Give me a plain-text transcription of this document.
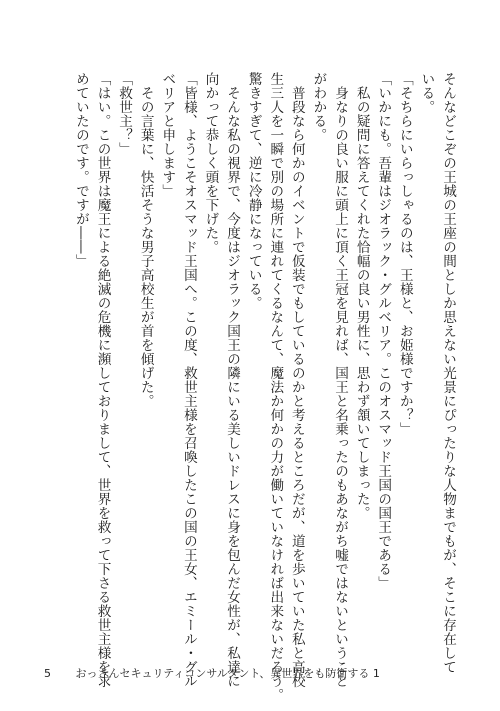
そんなどこぞの王城の王座の間としか思えない光景にぴったりな人物までもが、そこに存在して
いる。
「そちらにいらっしゃるのは、王様と、お姫様ですか？」
「いかにも。吾輩はジオラック・グルベリア。このオスマッド王国の国王である」
　私の疑問に答えてくれた恰幅の良い男性に、思わず頷いてしまった。
　身なりの良い服に頭上に頂く王冠を見れば、国王と名乗ったのもあながち嘘ではないということ
がわかる。
　普段なら何かのイベントで仮装でもしているのかと考えるところだが、道を歩いていた私と高校
生三人を一瞬で別の場所に連れてくるなんて、魔法か何かの力が働いていなければ出来ないだろう。
驚きすぎて、逆に冷静になっている。
　そんな私の視界で、今度はジオラック国王の隣にいる美しいドレスに身を包んだ女性が、私達に
向かって恭しく頭を下げた。
「皆様、ようこそオスマッド王国へ。この度、救世主様を召喚したこの国の王女、エミール・グル
ベリアと申します」
　その言葉に、快活そうな男子高校生が首を傾げた。
「救世主？」
「はい。この世界は魔王による絶滅の危機に瀕しておりまして、世界を救って下さる救世主様を求
めていたのです。ですが――」
5 おっさんセキュリティコンサルタント、異世界をも防衛する 1
